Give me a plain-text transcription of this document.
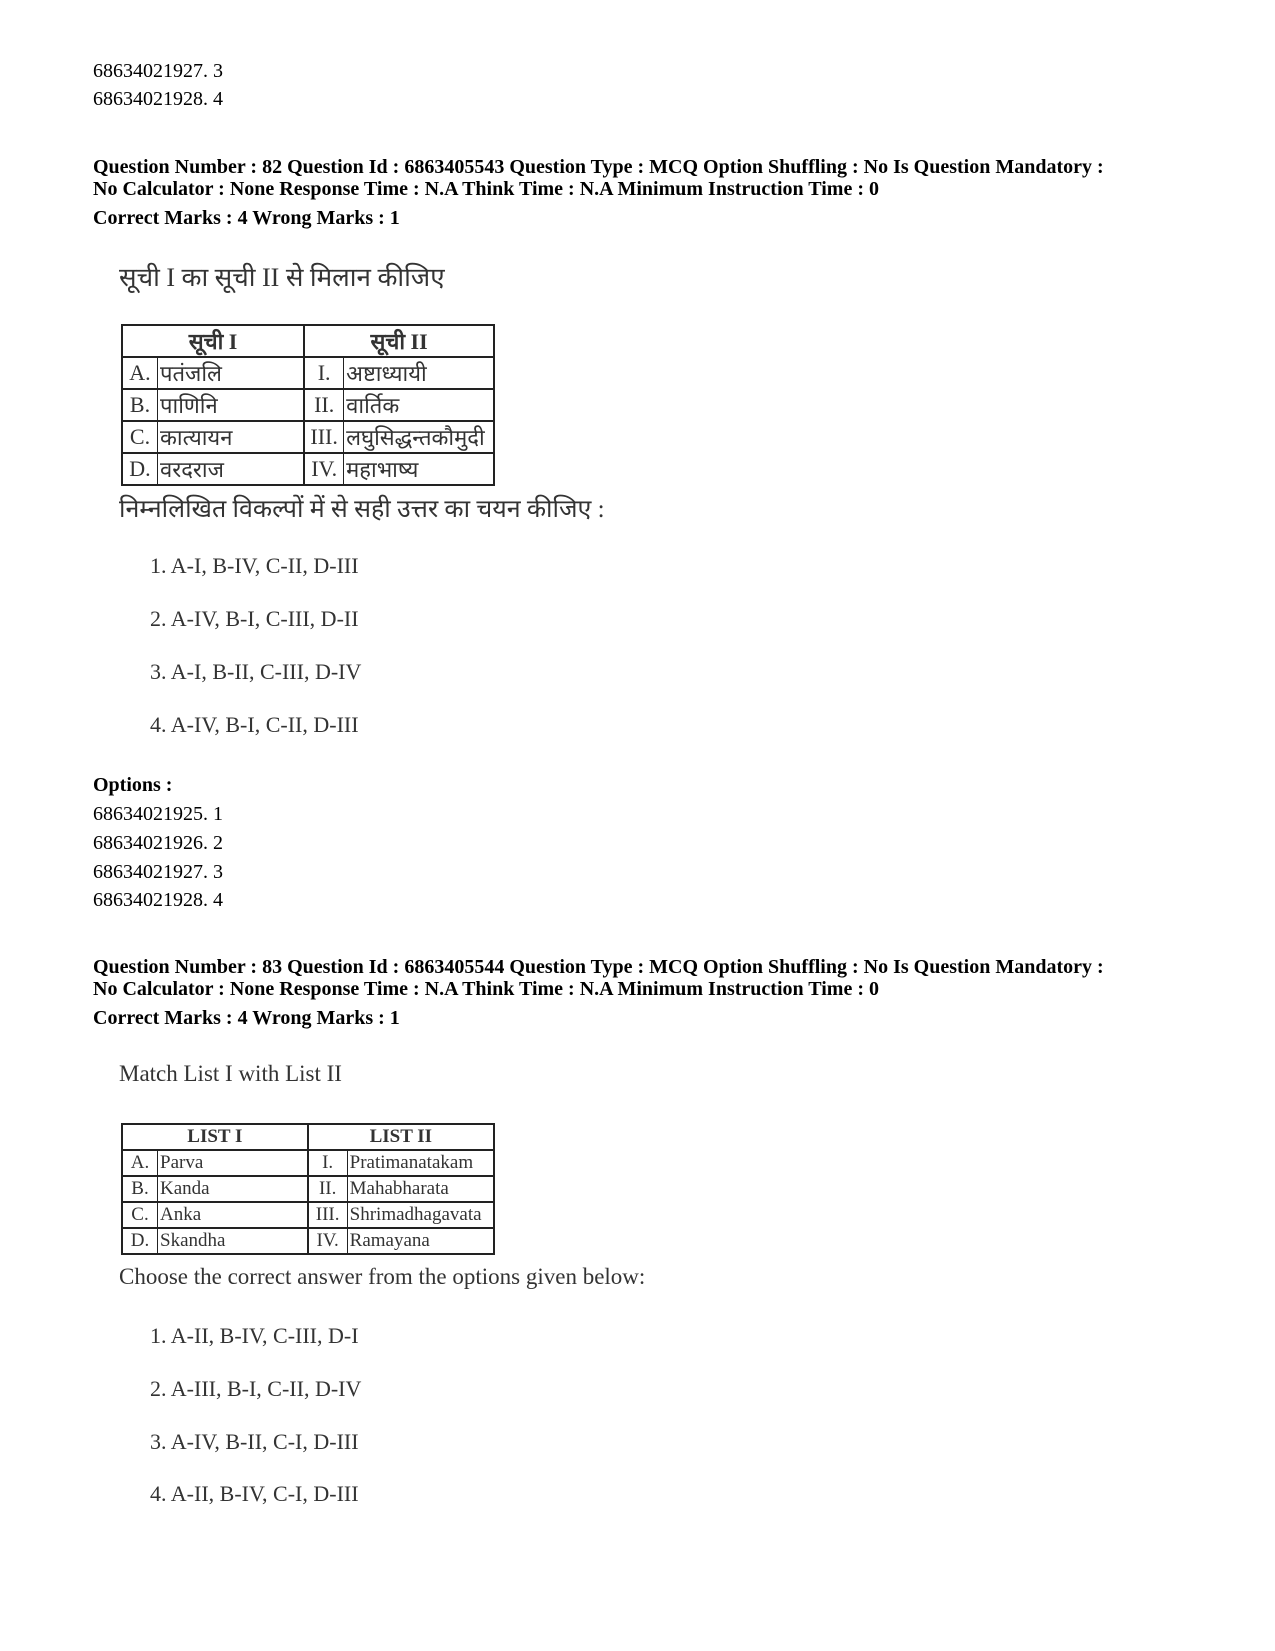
68634021927. 3
68634021928. 4
Question Number : 82 Question Id : 6863405543 Question Type : MCQ Option Shuffling : No Is Question Mandatory :
No Calculator : None Response Time : N.A Think Time : N.A Minimum Instruction Time : 0
Correct Marks : 4 Wrong Marks : 1
सूची I का सूची II से मिलान कीजिए
सूची I		सूची II	
A.	पतंजलि	I.	अष्टाध्यायी
B.	पाणिनि	II.	वार्तिक
C.	कात्यायन	III.	लघुसिद्धन्तकौमुदी
D.	वरदराज	IV.	महाभाष्य
निम्नलिखित विकल्पों में से सही उत्तर का चयन कीजिए :
1. A-I, B-IV, C-II, D-III
2. A-IV, B-I, C-III, D-II
3. A-I, B-II, C-III, D-IV
4. A-IV, B-I, C-II, D-III
Options :
68634021925. 1
68634021926. 2
68634021927. 3
68634021928. 4
Question Number : 83 Question Id : 6863405544 Question Type : MCQ Option Shuffling : No Is Question Mandatory :
No Calculator : None Response Time : N.A Think Time : N.A Minimum Instruction Time : 0
Correct Marks : 4 Wrong Marks : 1
Match List I with List II
LIST I		LIST II	
A.	Parva	I.	Pratimanatakam
B.	Kanda	II.	Mahabharata
C.	Anka	III.	Shrimadhagavata
D.	Skandha	IV.	Ramayana
Choose the correct answer from the options given below:
1. A-II, B-IV, C-III, D-I
2. A-III, B-I, C-II, D-IV
3. A-IV, B-II, C-I, D-III
4. A-II, B-IV, C-I, D-III
